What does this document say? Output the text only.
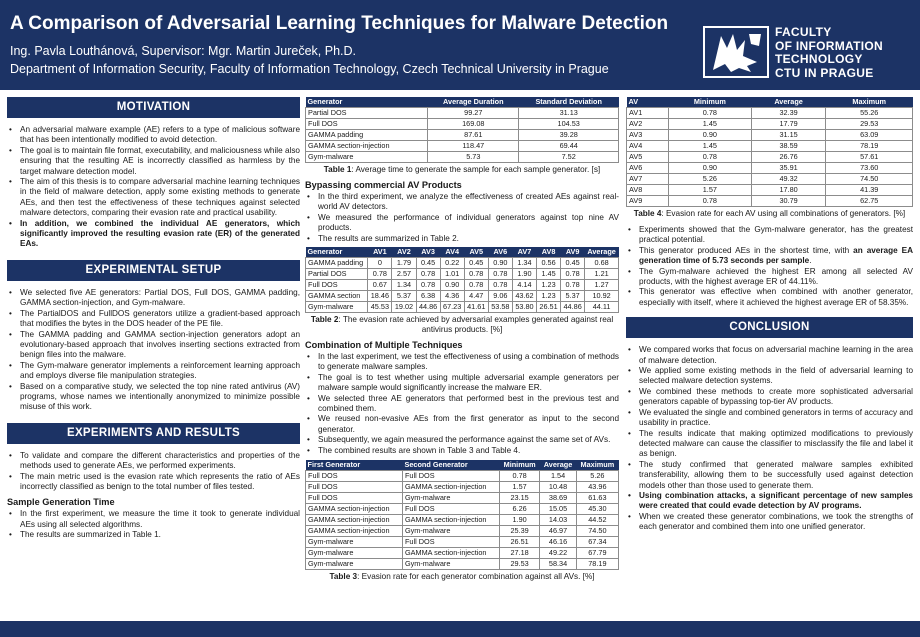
A Comparison of Adversarial Learning Techniques for Malware Detection
Ing. Pavla Louthánová, Supervisor: Mgr. Martin Jureček, Ph.D.
Department of Information Security, Faculty of Information Technology, Czech Technical University in Prague
FACULTY
OF INFORMATION
TECHNOLOGY
CTU IN PRAGUE
MOTIVATION
• An adversarial malware example (AE) refers to a type of malicious software that has been intentionally modified to avoid detection.
• The goal is to maintain file format, executability, and maliciousness while also ensuring that the resulting AE is incorrectly classified as harmless by the target malware detection model.
• The aim of this thesis is to compare adversarial machine learning techniques in the field of malware detection, apply some existing methods to generate AEs, and then test the effectiveness of these techniques against selected malware detectors, comparing their evasion rate and practical usability.
• In addition, we combined the individual AE generators, which significantly improved the resulting evasion rate (ER) of the generated EAs.
EXPERIMENTAL SETUP
• We selected five AE generators: Partial DOS, Full DOS, GAMMA padding, GAMMA section-injection, and Gym-malware.
• The PartialDOS and FullDOS generators utilize a gradient-based approach that modifies the bytes in the DOS header of the PE file.
• The GAMMA padding and GAMMA section-injection generators adopt an evolutionary-based approach that involves inserting sections extracted from benign files into the malware.
• The Gym-malware generator implements a reinforcement learning approach and employs diverse file manipulation strategies.
• Based on a comparative study, we selected the top nine rated antivirus (AV) programs, whose names we intentionally anonymized to minimize possible misuse of this work.
EXPERIMENTS AND RESULTS
• To validate and compare the different characteristics and properties of the methods used to generate AEs, we performed experiments.
• The main metric used is the evasion rate which represents the ratio of AEs incorrectly classified as benign to the total number of files tested.
Sample Generation Time
• In the first experiment, we measure the time it took to generate individual AEs using all selected algorithms.
• The results are summarized in Table 1.
Generator	Average Duration	Standard Deviation
Partial DOS	99.27	31.13
Full DOS	169.08	104.53
GAMMA padding	87.61	39.28
GAMMA section-injection	118.47	69.44
Gym-malware	5.73	7.52
Table 1: Average time to generate the sample for each sample generator. [s]
Bypassing commercial AV Products
• In the third experiment, we analyze the effectiveness of created AEs against real-world AV detectors.
• We measured the performance of individual generators against top nine AV products.
• The results are summarized in Table 2.
Generator	AV1	AV2	AV3	AV4	AV5	AV6	AV7	AV8	AV9	Average
GAMMA padding	0	1.79	0.45	0.22	0.45	0.90	1.34	0.56	0.45	0.68
Partial DOS	0.78	2.57	0.78	1.01	0.78	0.78	1.90	1.45	0.78	1.21
Full DOS	0.67	1.34	0.78	0.90	0.78	0.78	4.14	1.23	0.78	1.27
GAMMA section	18.46	5.37	6.38	4.36	4.47	9.06	43.62	1.23	5.37	10.92
Gym-malware	45.53	19.02	44.86	67.23	41.61	53.58	53.80	26.51	44.86	44.11
Table 2: The evasion rate achieved by adversarial examples generated against real antivirus products. [%]
Combination of Multiple Techniques
• In the last experiment, we test the effectiveness of using a combination of methods to generate malware samples.
• The goal is to test whether using multiple adversarial example generators per malware sample would significantly increase the malware ER.
• We selected three AE generators that performed best in the previous test and combined them.
• We reused non-evasive AEs from the first generator as input to the second generator.
• Subsequently, we again measured the performance against the same set of AVs.
• The combined results are shown in Table 3 and Table 4.
First Generator	Second Generator	Minimum	Average	Maximum
Full DOS	Full DOS	0.78	1.54	5.26
Full DOS	GAMMA section-injection	1.57	10.48	43.96
Full DOS	Gym-malware	23.15	38.69	61.63
GAMMA section-injection	Full DOS	6.26	15.05	45.30
GAMMA section-injection	GAMMA section-injection	1.90	14.03	44.52
GAMMA section-injection	Gym-malware	25.39	46.97	74.50
Gym-malware	Full DOS	26.51	46.16	67.34
Gym-malware	GAMMA section-injection	27.18	49.22	67.79
Gym-malware	Gym-malware	29.53	58.34	78.19
Table 3: Evasion rate for each generator combination against all AVs. [%]
AV	Minimum	Average	Maximum
AV1	0.78	32.39	55.26
AV2	1.45	17.79	29.53
AV3	0.90	31.15	63.09
AV4	1.45	38.59	78.19
AV5	0.78	26.76	57.61
AV6	0.90	35.91	73.60
AV7	5.26	49.32	74.50
AV8	1.57	17.80	41.39
AV9	0.78	30.79	62.75
Table 4: Evasion rate for each AV using all combinations of generators. [%]
• Experiments showed that the Gym-malware generator, has the greatest practical potential.
• This generator produced AEs in the shortest time, with an average EA generation time of 5.73 seconds per sample.
• The Gym-malware achieved the highest ER among all selected AV products, with the highest average ER of 44.11%.
• This generator was effective when combined with another generator, especially with itself, where it achieved the highest average ER of 58.35%.
CONCLUSION
• We compared works that focus on adversarial machine learning in the area of malware detection.
• We applied some existing methods in the field of adversarial learning to selected malware detection systems.
• We combined these methods to create more sophisticated adversarial generators capable of bypassing top-tier AV products.
• We evaluated the single and combined generators in terms of accuracy and usability in practice.
• The results indicate that making optimized modifications to previously detected malware can cause the classifier to misclassify the file and label it as benign.
• The study confirmed that generated malware samples exhibited transferability, allowing them to be successfully used against detection models other than those used to generate them.
• Using combination attacks, a significant percentage of new samples were created that could evade detection by AV programs.
• When we created these generator combinations, we took the strengths of each generator and combined them into one unified generator.
